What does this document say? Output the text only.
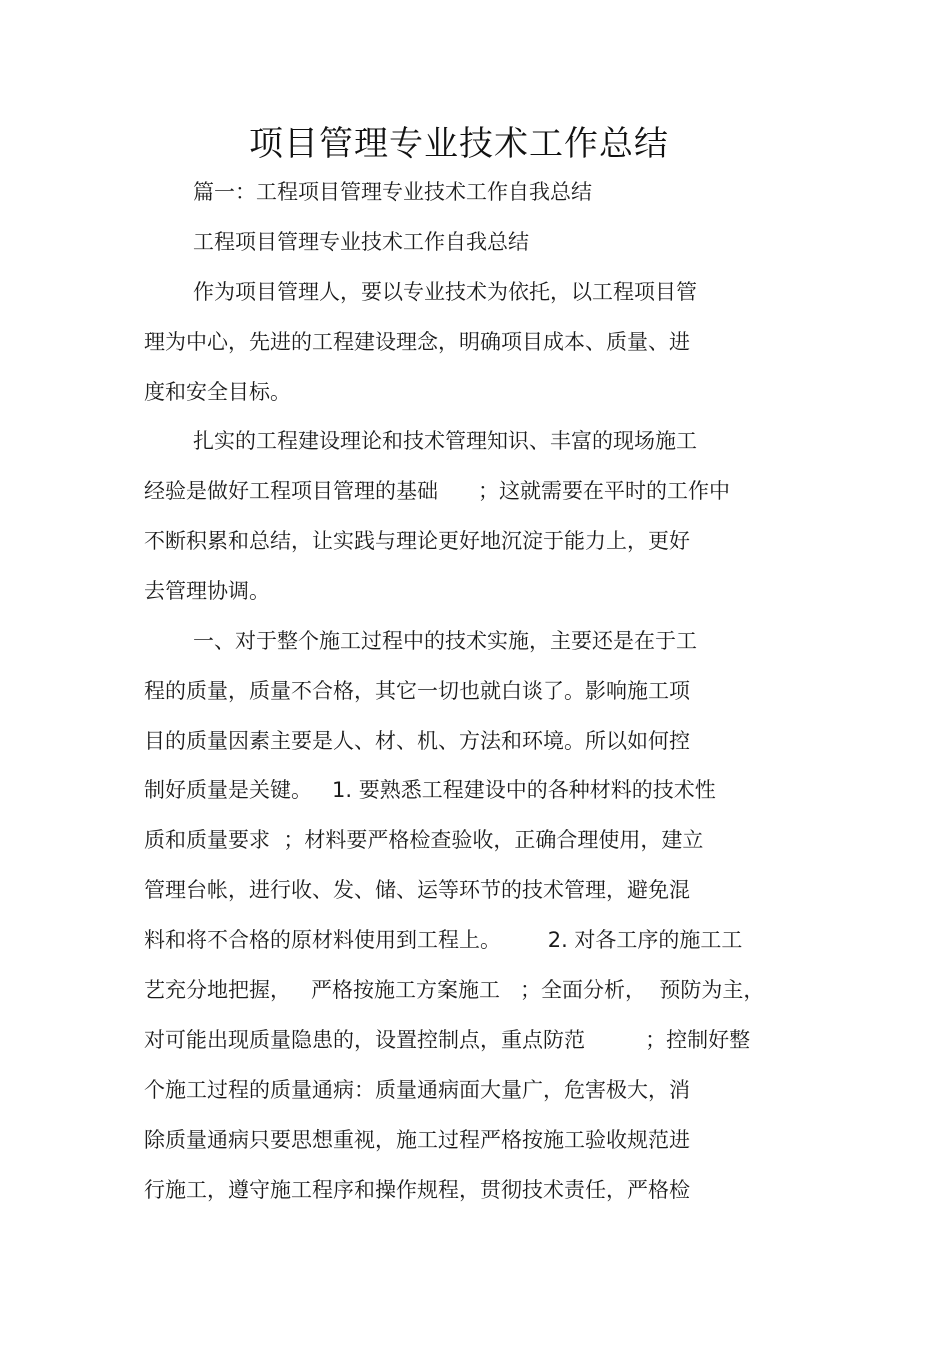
项目管理专业技术工作总结
篇一：工程项目管理专业技术工作自我总结
工程项目管理专业技术工作自我总结
作为项目管理人，要以专业技术为依托，以工程项目管
理为中心，先进的工程建设理念，明确项目成本、质量、进
度和安全目标。
扎实的工程建设理论和技术管理知识、丰富的现场施工
经验是做好工程项目管理的基础      ；这就需要在平时的工作中
不断积累和总结，让实践与理论更好地沉淀于能力上，更好
去管理协调。
一、对于整个施工过程中的技术实施，主要还是在于工
程的质量，质量不合格，其它一切也就白谈了。影响施工项
目的质量因素主要是人、材、机、方法和环境。所以如何控
制好质量是关键。   1. 要熟悉工程建设中的各种材料的技术性
质和质量要求  ；材料要严格检查验收，正确合理使用，建立
管理台帐，进行收、发、储、运等环节的技术管理，避免混
料和将不合格的原材料使用到工程上。       2. 对各工序的施工工
艺充分地把握，   严格按施工方案施工   ；全面分析，  预防为主，
对可能出现质量隐患的，设置控制点，重点防范         ；控制好整
个施工过程的质量通病：质量通病面大量广，危害极大，消
除质量通病只要思想重视，施工过程严格按施工验收规范进
行施工，遵守施工程序和操作规程，贯彻技术责任，严格检
